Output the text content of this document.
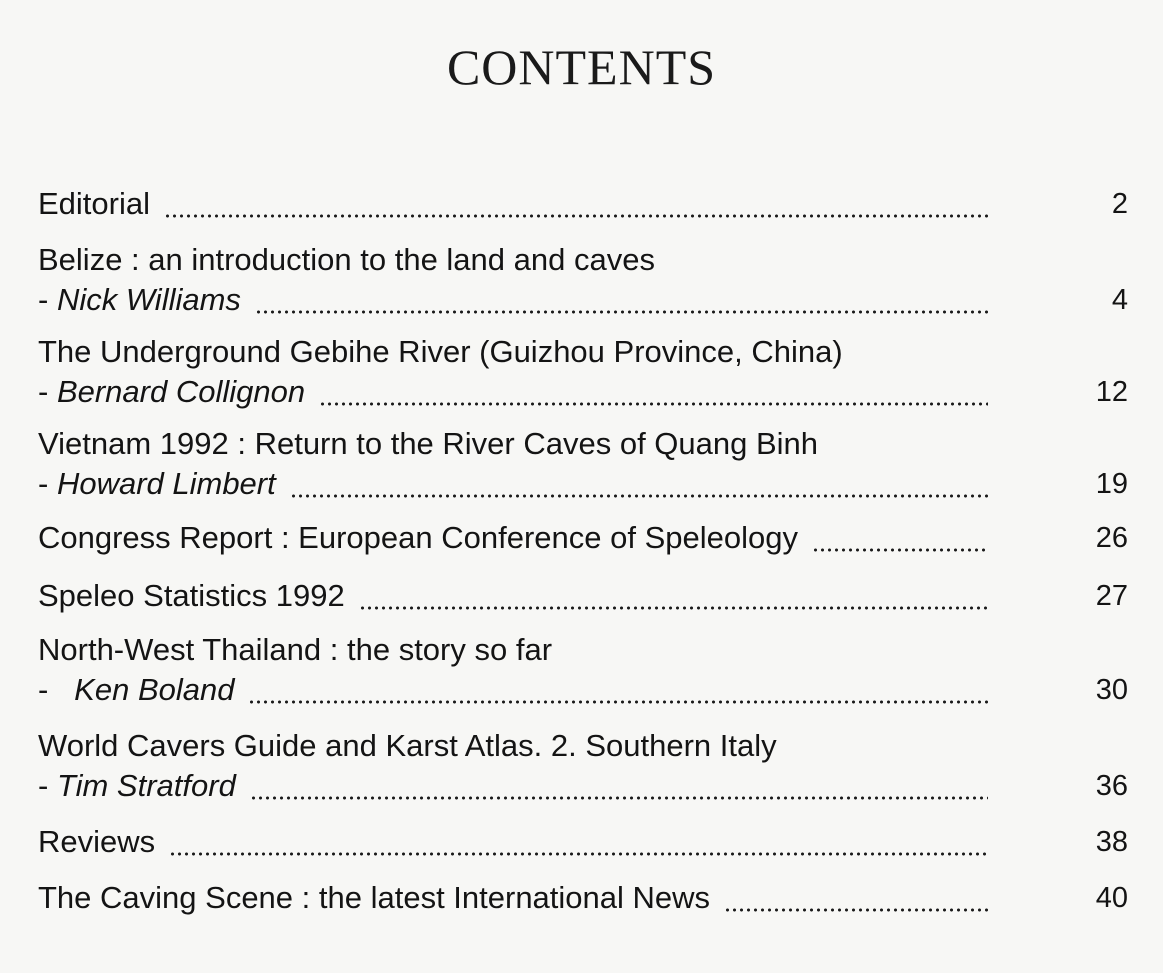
CONTENTS
Editorial	2
Belize : an introduction to the land and caves
- Nick Williams	4
The Underground Gebihe River (Guizhou Province, China)
- Bernard Collignon	12
Vietnam 1992 : Return to the River Caves of Quang Binh
- Howard Limbert	19
Congress Report : European Conference of Speleology	26
Speleo Statistics 1992	27
North-West Thailand : the story so far
-   Ken Boland	30
World Cavers Guide and Karst Atlas. 2. Southern Italy
- Tim Stratford	36
Reviews	38
The Caving Scene : the latest International News	40
